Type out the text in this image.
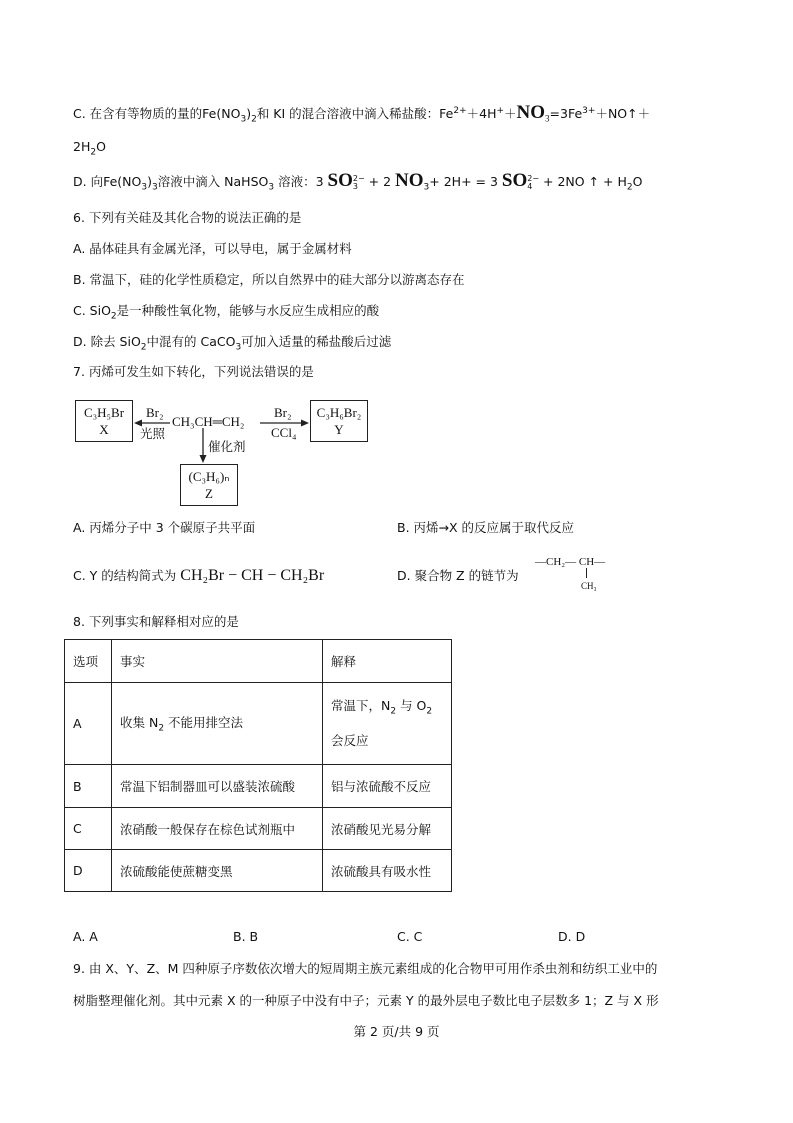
C. 在含有等物质的量的$Fe(NO_3)_2$和 KI 的混合溶液中滴入稀盐酸：$Fe^{2+}+4H^++NO_3=3Fe^{3+}+NO↑+$
$2H_2O$
D. 向$Fe(NO_3)_3$溶液中滴入 NaHSO$_3$ 溶液：3 SO 2−
3 + 2 $NO_3+ 2H+ = 3$ SO 2−
4 + 2NO ↑ + $H_2O$
6. 下列有关硅及其化合物的说法正确的是
A. 晶体硅具有金属光泽，可以导电，属于金属材料
B. 常温下，硅的化学性质稳定，所以自然界中的硅大部分以游离态存在
C. SiO$_2$是一种酸性氧化物，能够与水反应生成相应的酸
D. 除去 SiO$_2$中混有的 CaCO$_3$可加入适量的稀盐酸后过滤
7. 丙烯可发生如下转化，下列说法错误的是
C₃H₅Br
X
Br₂
光照
CH₃CH═CH₂
Br₂
CCl₄
C₃H₆Br₂
Y
催化剂
(C₃H₆)ₙ
Z
A. 丙烯分子中 3 个碳原子共平面	B. 丙烯→X 的反应属于取代反应
C. Y 的结构简式为 CH₂Br − CH − CH₂Br	D. 聚合物 Z 的链节为
—CH₂— CH—
CH₃
8. 下列事实和解释相对应的是
选项	事实	解释
A	收集 $N_2$ 不能用排空法	常温下，$N_2$ 与 $O_2$
会反应
B	常温下铝制器皿可以盛装浓硫酸	铝与浓硫酸不反应
C	浓硝酸一般保存在棕色试剂瓶中	浓硝酸见光易分解
D	浓硫酸能使蔗糖变黑	浓硫酸具有吸水性
A. A	B. B	C. C	D. D
9. 由 X、Y、Z、M 四种原子序数依次增大的短周期主族元素组成的化合物甲可用作杀虫剂和纺织工业中的
树脂整理催化剂。其中元素 X 的一种原子中没有中子；元素 Y 的最外层电子数比电子层数多 1；Z 与 X 形
第 2 页/共 9 页
